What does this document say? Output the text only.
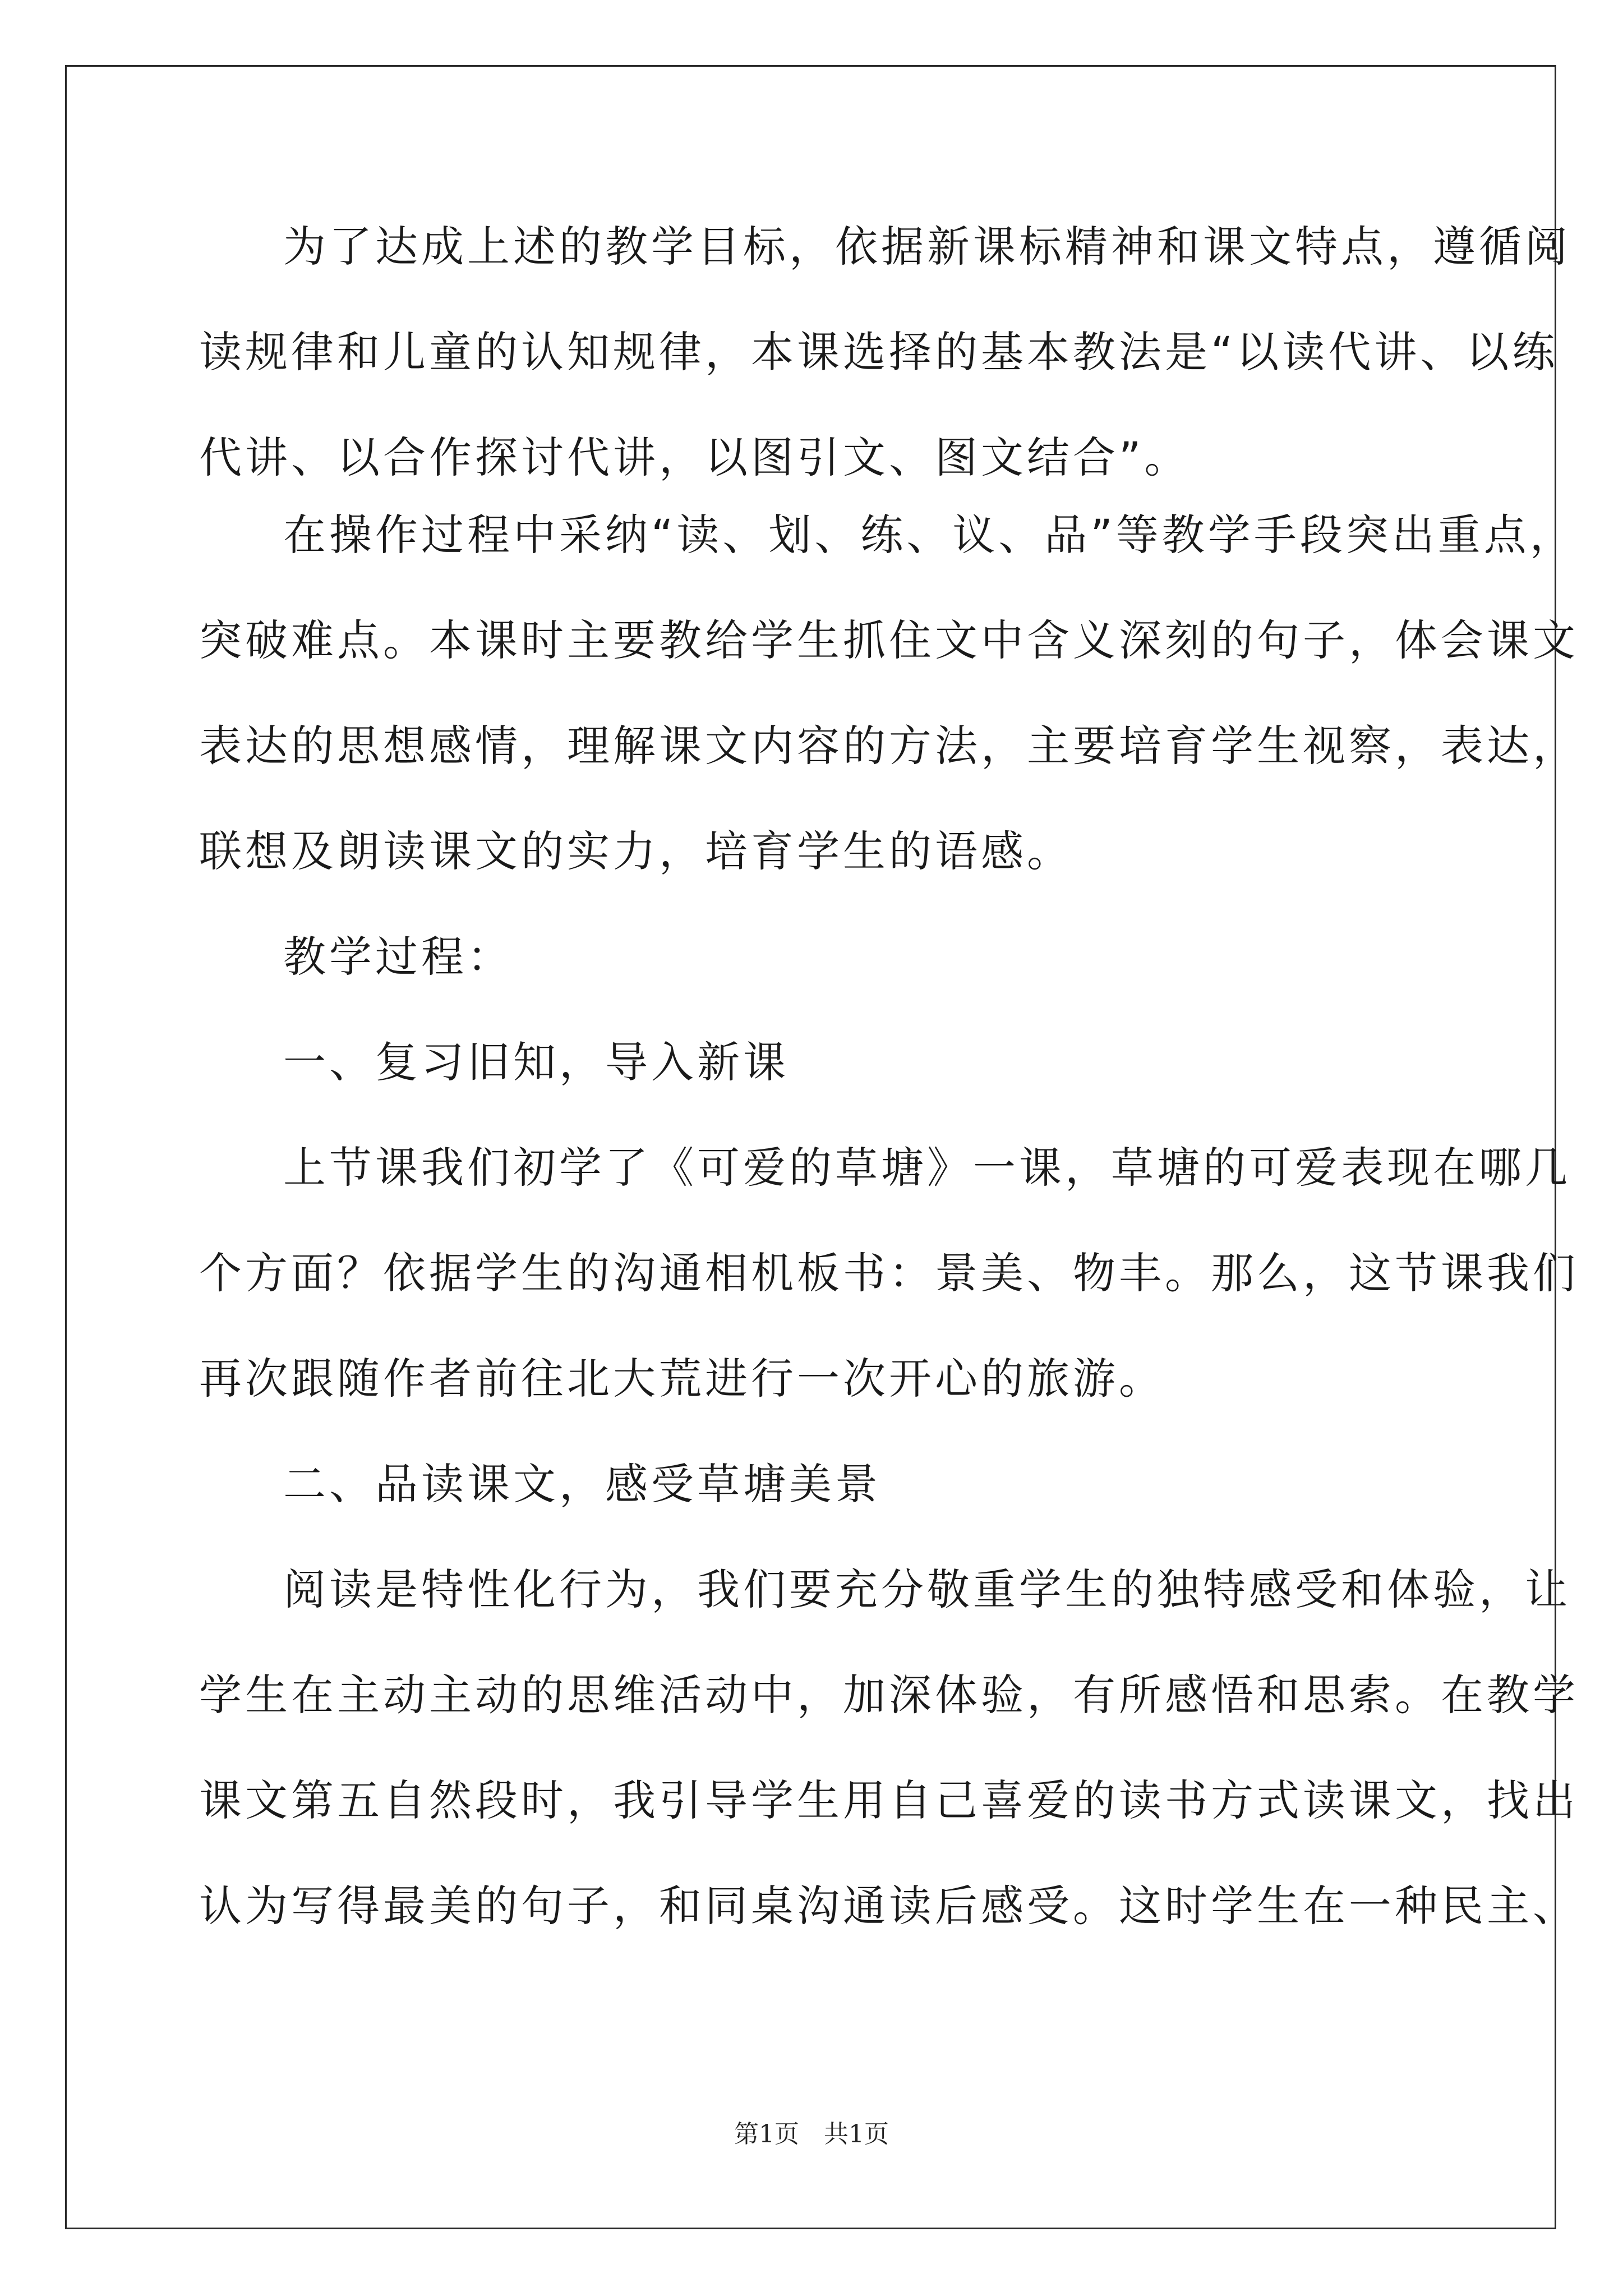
为了达成上述的教学目标，依据新课标精神和课文特点，遵循阅
读规律和儿童的认知规律，本课选择的基本教法是“以读代讲、以练
代讲、以合作探讨代讲，以图引文、图文结合”。
在操作过程中采纳“读、划、练、议、品”等教学手段突出重点，
突破难点。本课时主要教给学生抓住文中含义深刻的句子，体会课文
表达的思想感情，理解课文内容的方法，主要培育学生视察，表达，
联想及朗读课文的实力，培育学生的语感。
教学过程：
一、复习旧知，导入新课
上节课我们初学了《可爱的草塘》一课，草塘的可爱表现在哪几
个方面？依据学生的沟通相机板书：景美、物丰。那么，这节课我们
再次跟随作者前往北大荒进行一次开心的旅游。
二、品读课文，感受草塘美景
阅读是特性化行为，我们要充分敬重学生的独特感受和体验，让
学生在主动主动的思维活动中，加深体验，有所感悟和思索。在教学
课文第五自然段时，我引导学生用自己喜爱的读书方式读课文，找出
认为写得最美的句子，和同桌沟通读后感受。这时学生在一种民主、
第1页　共1页
